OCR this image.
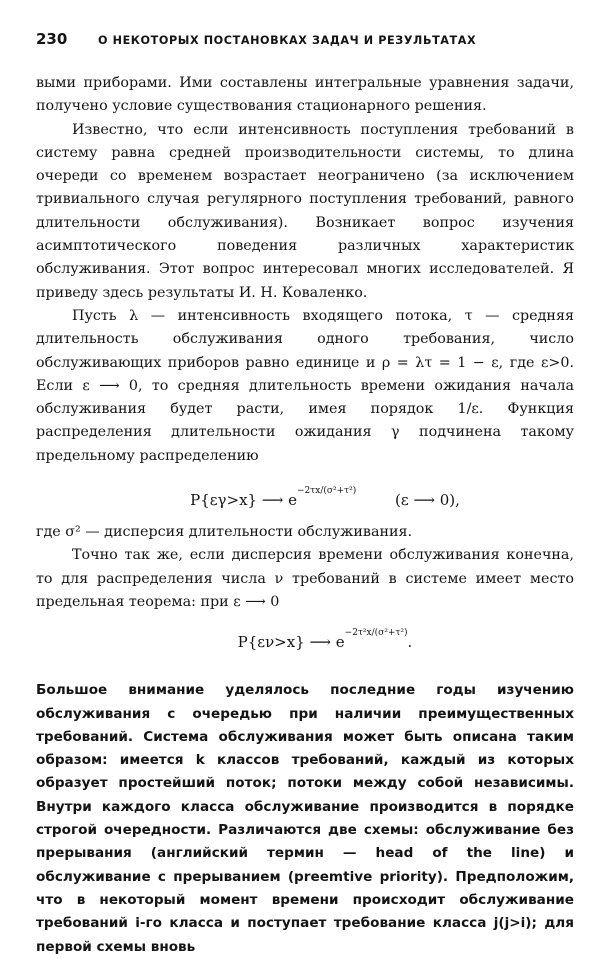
230	О НЕКОТОРЫХ ПОСТАНОВКАХ ЗАДАЧ И РЕЗУЛЬТАТАХ

выми приборами. Ими составлены интегральные уравнения задачи, получено условие существования стационарного решения.

Известно, что если интенсивность поступления требований в систему равна средней производительности системы, то длина очереди со временем возрастает неограничено (за исключением тривиального случая регулярного поступления требований, равного длительности обслуживания). Возникает вопрос изучения асимптотического поведения различных характеристик обслуживания. Этот вопрос интересовал многих исследователей. Я приведу здесь результаты И. Н. Коваленко.

Пусть λ — интенсивность входящего потока, τ — средняя длительность обслуживания одного требования, число обслуживающих приборов равно единице и ρ = λτ = 1 − ε, где ε>0. Если ε ⟶ 0, то средняя длительность времени ожидания начала обслуживания будет расти, имея порядок 1/ε. Функция распределения длительности ожидания γ подчинена такому предельному распределению

P{εγ>x} ⟶ $e^{-2\tau x/(\sigma^2+\tau^2)}$	(ε ⟶ 0),

где σ² — дисперсия длительности обслуживания.

Точно так же, если дисперсия времени обслуживания конечна, то для распределения числа ν требований в системе имеет место предельная теорема: при ε ⟶ 0

P{εν>x} ⟶ $e^{-2\tau^2x/(\sigma^2+\tau^2)}$.

Большое внимание уделялось последние годы изучению обслуживания с очередью при наличии преимущественных требований. Система обслуживания может быть описана таким образом: имеется k классов требований, каждый из которых образует простейший поток; потоки между собой независимы. Внутри каждого класса обслуживание производится в порядке строгой очередности. Различаются две схемы: обслуживание без прерывания (английский термин — head of the line) и обслуживание с прерыванием (preemtive priority). Предположим, что в некоторый момент времени происходит обслуживание требований i-го класса и поступает требование класса j(j>i); для первой схемы вновь
